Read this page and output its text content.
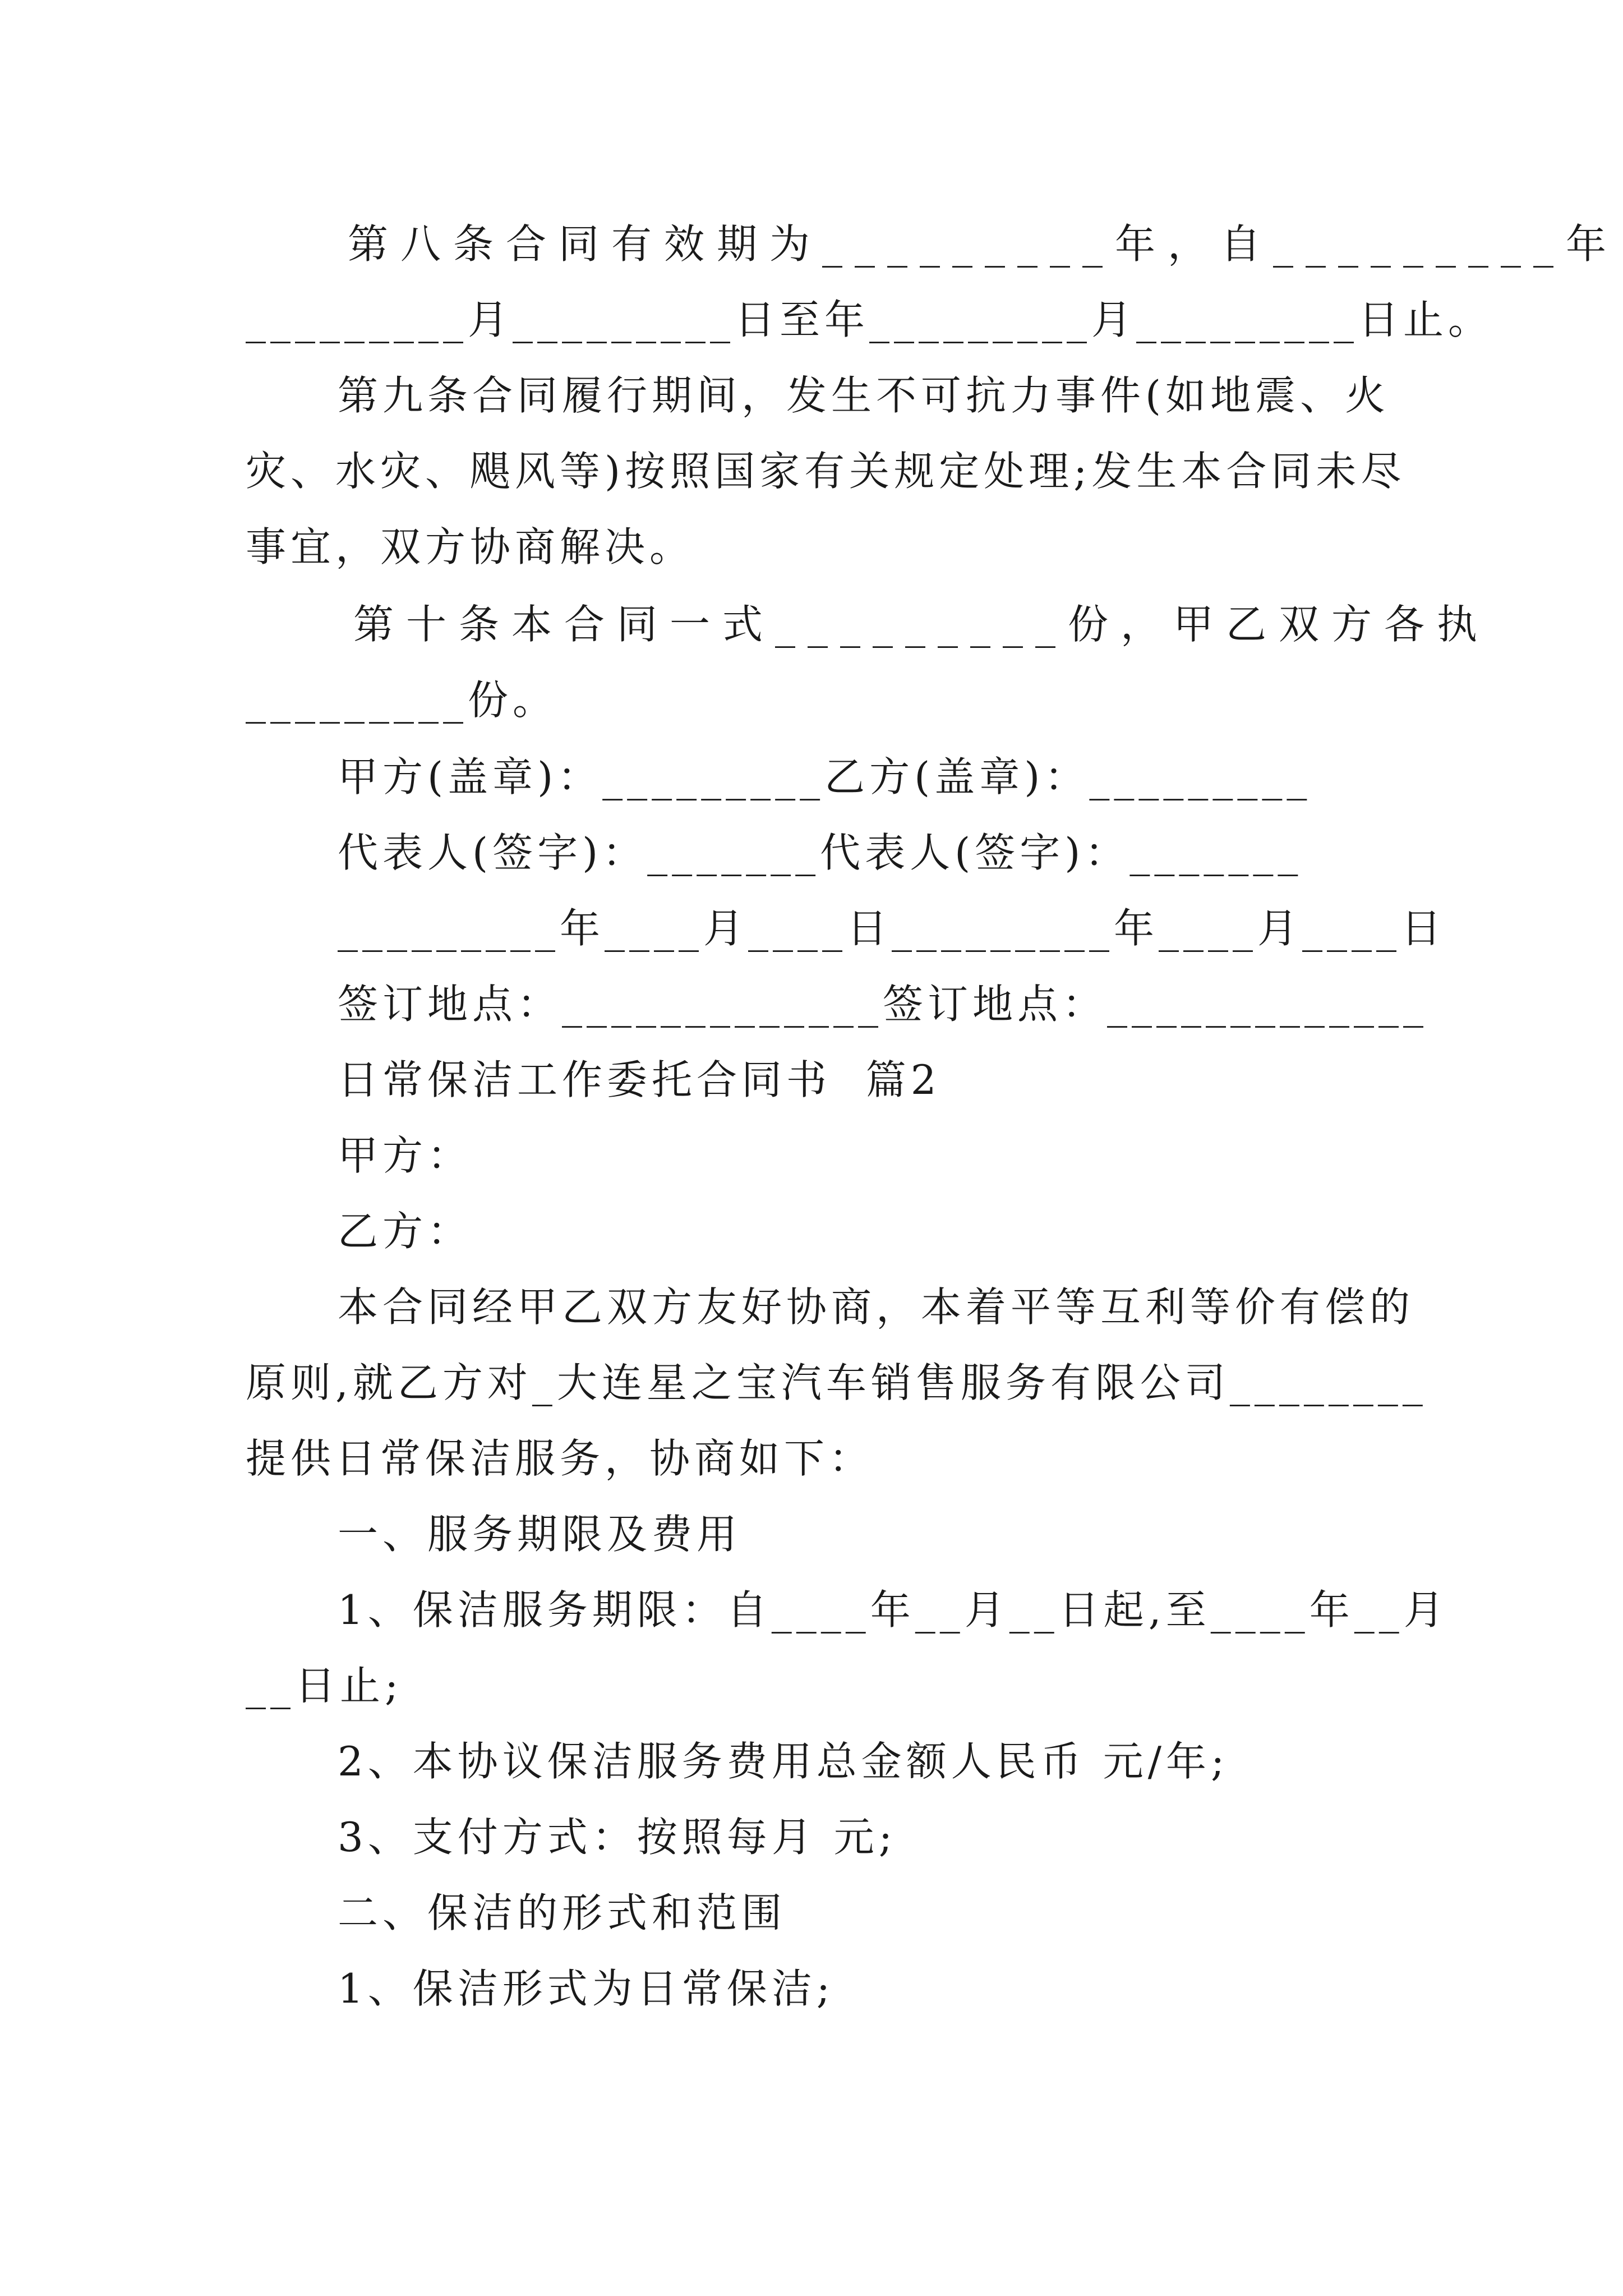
第八条合同有效期为_________年，自_________年
_________月_________日至年_________月_________日止。
第九条合同履行期间，发生不可抗力事件(如地震、火
灾、水灾、飓风等)按照国家有关规定处理;发生本合同未尽
事宜，双方协商解决。
第十条本合同一式_________份，甲乙双方各执
_________份。
甲方(盖章)：_________乙方(盖章)：_________
代表人(签字)：_______代表人(签字)：_______
_________年____月____日_________年____月____日
签订地点：_____________签订地点：_____________
日常保洁工作委托合同书  篇2
甲方：
乙方：
本合同经甲乙双方友好协商，本着平等互利等价有偿的
原则,就乙方对_大连星之宝汽车销售服务有限公司________
提供日常保洁服务，协商如下：
一、服务期限及费用
1、保洁服务期限：自____年__月__日起,至____年__月
__日止;
2、本协议保洁服务费用总金额人民币 元/年;
3、支付方式：按照每月 元;
二、保洁的形式和范围
1、保洁形式为日常保洁;
